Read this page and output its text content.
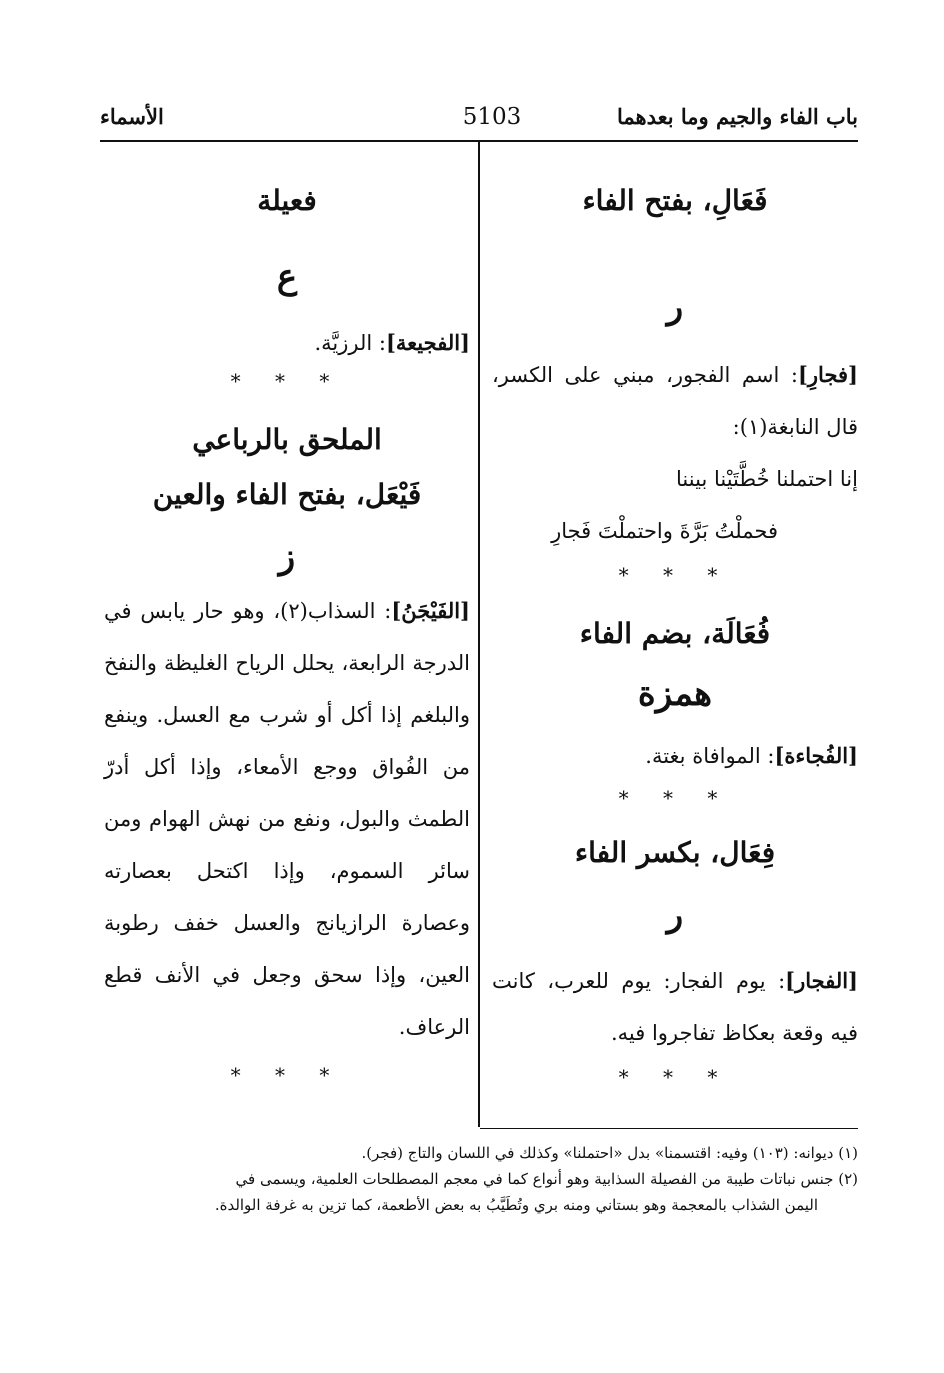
باب الفاء والجيم وما بعدهما
5103
الأسماء

فَعَالِ، بفتح الفاء

ر

[فجارِ]: اسم الفجور، مبني على الكسر، قال النابغة(١):

إنا احتملنا خُطَّتَيْنا بيننا

فحملْتُ بَرَّةَ واحتملْتَ فَجارِ

* * *

فُعَالَة، بضم الفاء

همزة

[الفُجاءة]: الموافاة بغتة.

* * *

فِعَال، بكسر الفاء

ر

[الفجار]: يوم الفجار: يوم للعرب، كانت فيه وقعة بعكاظ تفاجروا فيه.

* * *

فعيلة

ع

[الفجيعة]: الرزيَّة.

* * *

الملحق بالرباعي

فَيْعَل، بفتح الفاء والعين

ز

[الفَيْجَنُ]: السذاب(٢)، وهو حار يابس في الدرجة الرابعة، يحلل الرياح الغليظة والنفخ والبلغم إذا أكل أو شرب مع العسل. وينفع من الفُواق ووجع الأمعاء، وإذا أكل أدرّ الطمث والبول، ونفع من نهش الهوام ومن سائر السموم، وإذا اكتحل بعصارته وعصارة الرازيانج والعسل خفف رطوبة العين، وإذا سحق وجعل في الأنف قطع الرعاف.

* * *

(١) ديوانه: (١٠٣) وفيه: اقتسمنا» بدل «احتملنا» وكذلك في اللسان والتاج (فجر).

(٢) جنس نباتات طيبة من الفصيلة السذابية وهو أنواع كما في معجم المصطلحات العلمية، ويسمى في

اليمن الشذاب بالمعجمة وهو بستاني ومنه بري وتُطَيَّبُ به بعض الأطعمة، كما تزين به غرفة الوالدة.
